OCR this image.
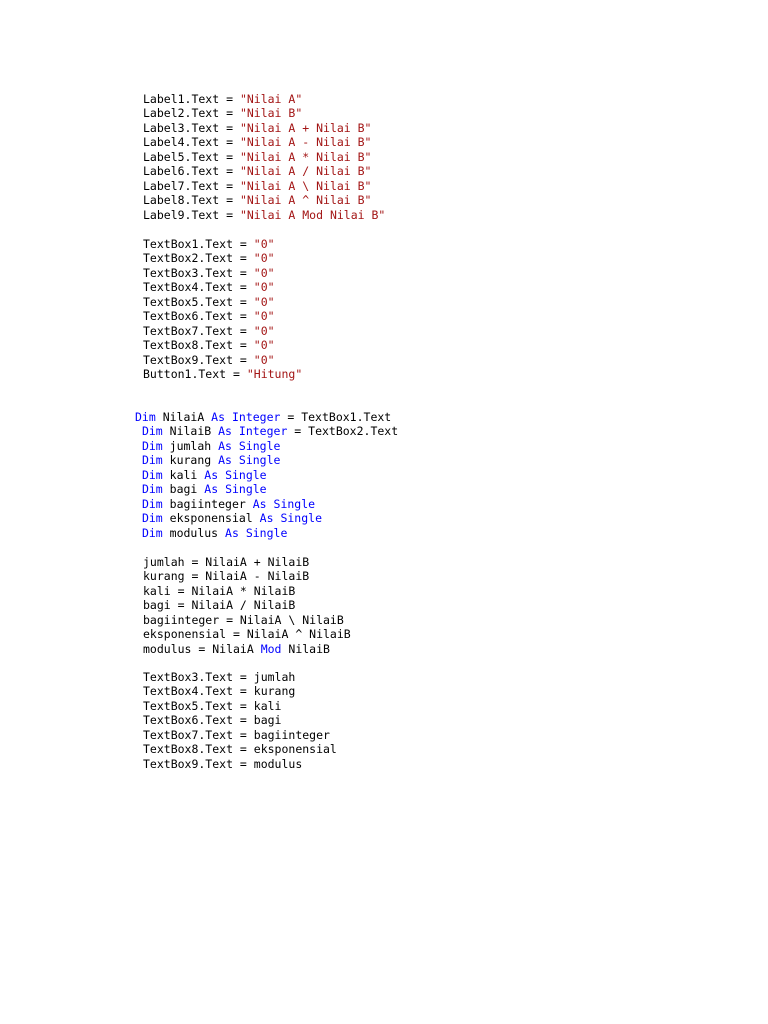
Label1.Text = "Nilai A"
Label2.Text = "Nilai B"
Label3.Text = "Nilai A + Nilai B"
Label4.Text = "Nilai A - Nilai B"
Label5.Text = "Nilai A * Nilai B"
Label6.Text = "Nilai A / Nilai B"
Label7.Text = "Nilai A \ Nilai B"
Label8.Text = "Nilai A ^ Nilai B"
Label9.Text = "Nilai A Mod Nilai B"
TextBox1.Text = "0"
TextBox2.Text = "0"
TextBox3.Text = "0"
TextBox4.Text = "0"
TextBox5.Text = "0"
TextBox6.Text = "0"
TextBox7.Text = "0"
TextBox8.Text = "0"
TextBox9.Text = "0"
Button1.Text = "Hitung"
Dim NilaiA As Integer = TextBox1.Text
Dim NilaiB As Integer = TextBox2.Text
Dim jumlah As Single
Dim kurang As Single
Dim kali As Single
Dim bagi As Single
Dim bagiinteger As Single
Dim eksponensial As Single
Dim modulus As Single
jumlah = NilaiA + NilaiB
kurang = NilaiA - NilaiB
kali = NilaiA * NilaiB
bagi = NilaiA / NilaiB
bagiinteger = NilaiA \ NilaiB
eksponensial = NilaiA ^ NilaiB
modulus = NilaiA Mod NilaiB
TextBox3.Text = jumlah
TextBox4.Text = kurang
TextBox5.Text = kali
TextBox6.Text = bagi
TextBox7.Text = bagiinteger
TextBox8.Text = eksponensial
TextBox9.Text = modulus
